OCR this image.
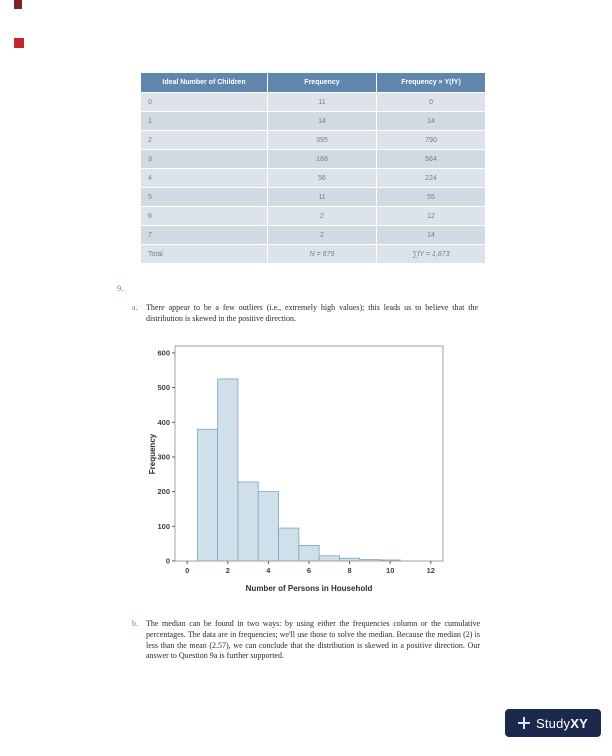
Ideal Number of Children	Frequency	Frequency × Y(fY)
0	11	0
1	14	14
2	395	790
3	188	564
4	56	224
5	11	55
6	2	12
7	2	14
Total	N = 679	∑fY = 1,673
9.
a. There appear to be a few outliers (i.e., extremely high values); this leads us to believe that the distribution is skewed in the positive direction.
0	2	4	6	8	10	12
0
100
200
300
400
500
600
Frequency
Number of Persons in Household
b. The median can be found in two ways: by using either the frequencies column or the cumulative percentages. The data are in frequencies; we'll use those to solve the median. Because the median (2) is less than the mean (2.57), we can conclude that the distribution is skewed in a positive direction. Our answer to Question 9a is further supported.
StudyXY
